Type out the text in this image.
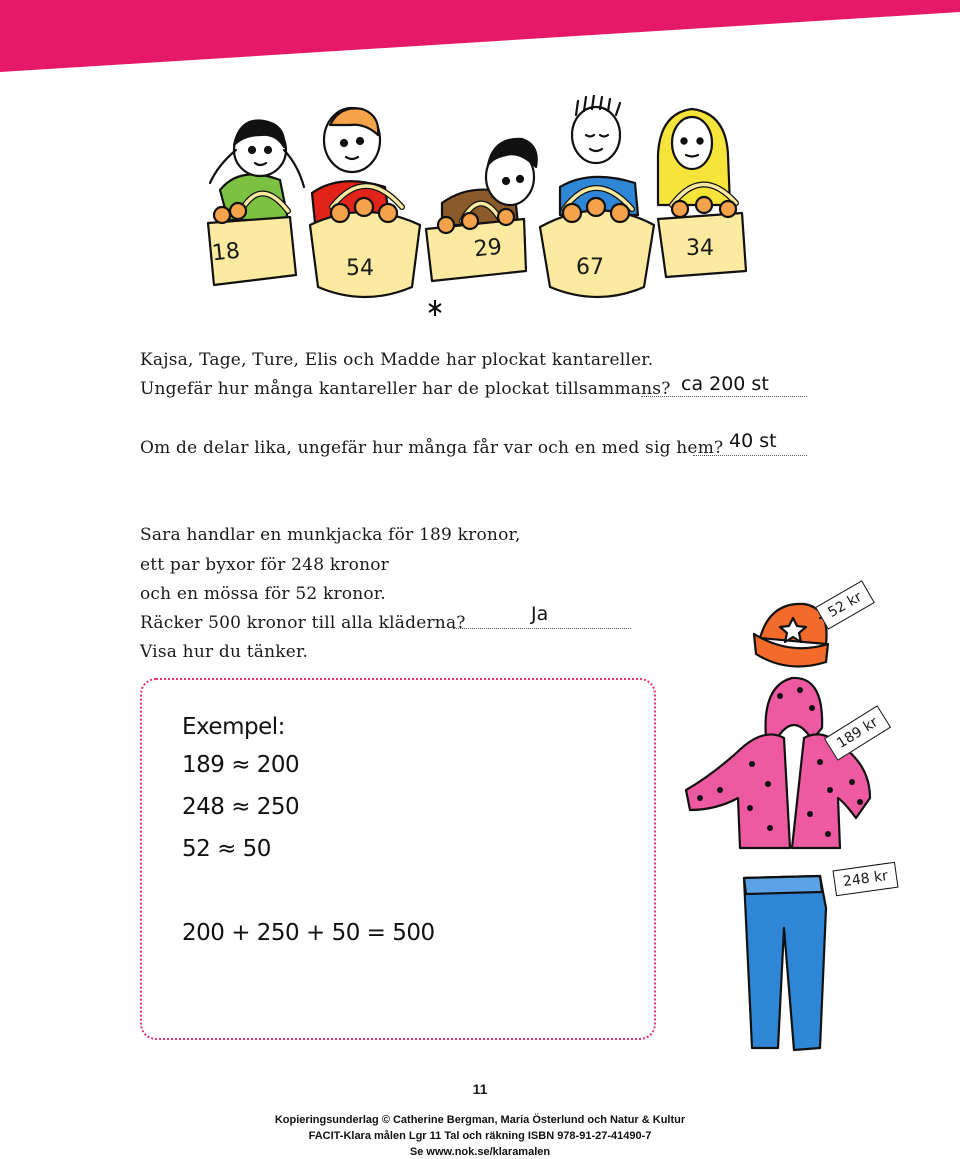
18
54
29
67
34
Kajsa, Tage, Ture, Elis och Madde har plockat kantareller.
Ungefär hur många kantareller har de plockat tillsammans? ca 200 st
Om de delar lika, ungefär hur många får var och en med sig hem? 40 st
Sara handlar en munkjacka för 189 kronor,
ett par byxor för 248 kronor
och en mössa för 52 kronor.
Räcker 500 kronor till alla kläderna?	Ja
Visa hur du tänker.
Exempel:
189 ≈ 200
248 ≈ 250
52 ≈ 50
200 + 250 + 50 = 500
52 kr
189 kr
248 kr
11
Kopieringsunderlag © Catherine Bergman, Maria Österlund och Natur & Kultur
FACIT-Klara målen Lgr 11 Tal och räkning ISBN 978-91-27-41490-7
Se www.nok.se/klaramalen
